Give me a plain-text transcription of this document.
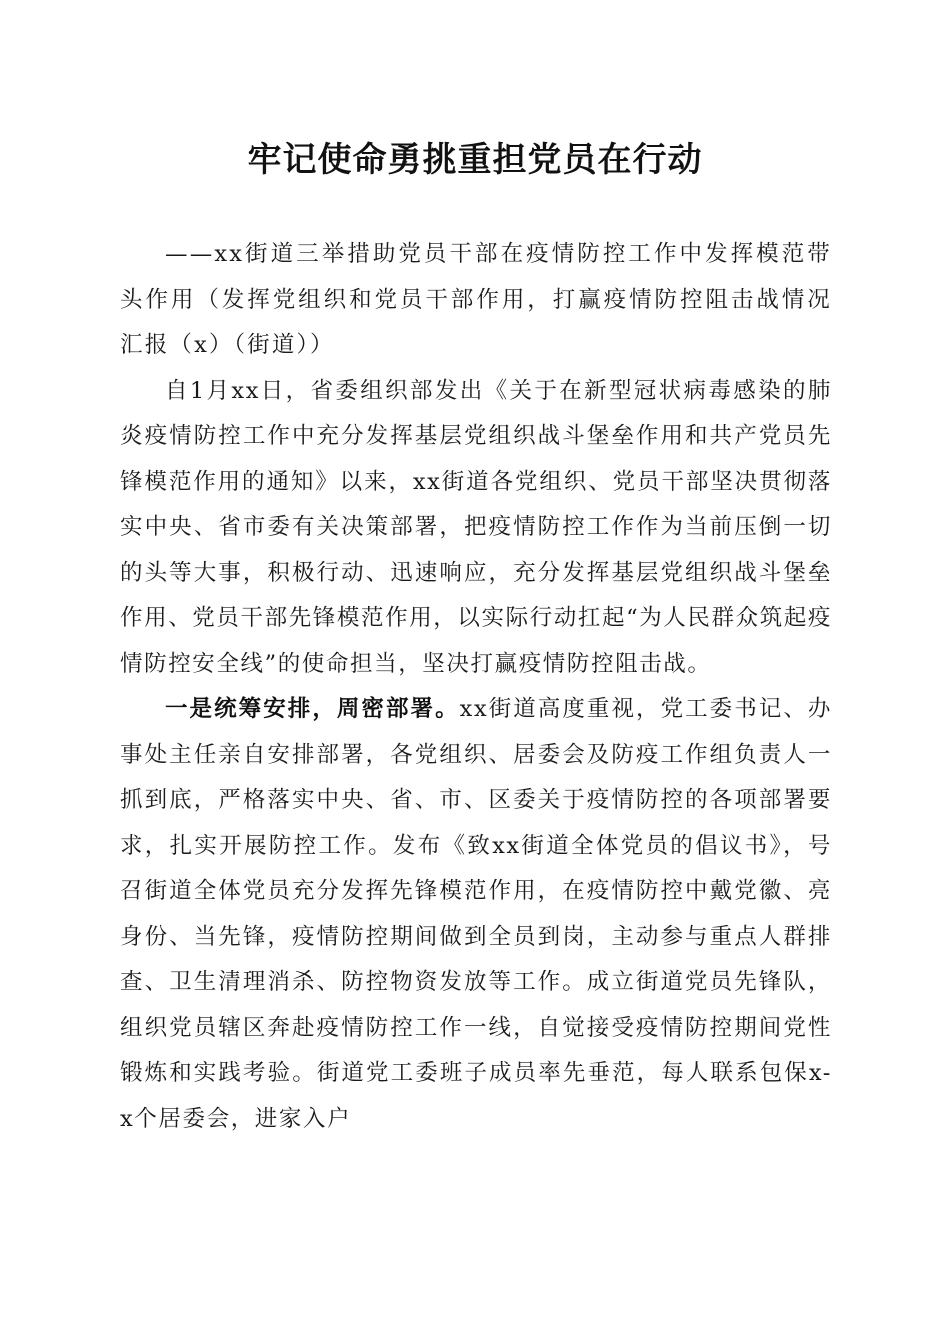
牢记使命勇挑重担党员在行动

——xx街道三举措助党员干部在疫情防控工作中发挥模范带头作用（发挥党组织和党员干部作用，打赢疫情防控阻击战情况汇报（x）（街道））

自1月xx日，省委组织部发出《关于在新型冠状病毒感染的肺炎疫情防控工作中充分发挥基层党组织战斗堡垒作用和共产党员先锋模范作用的通知》以来，xx街道各党组织、党员干部坚决贯彻落实中央、省市委有关决策部署，把疫情防控工作作为当前压倒一切的头等大事，积极行动、迅速响应，充分发挥基层党组织战斗堡垒作用、党员干部先锋模范作用，以实际行动扛起“为人民群众筑起疫情防控安全线”的使命担当，坚决打赢疫情防控阻击战。

一是统筹安排，周密部署。xx街道高度重视，党工委书记、办事处主任亲自安排部署，各党组织、居委会及防疫工作组负责人一抓到底，严格落实中央、省、市、区委关于疫情防控的各项部署要求，扎实开展防控工作。发布《致xx街道全体党员的倡议书》，号召街道全体党员充分发挥先锋模范作用，在疫情防控中戴党徽、亮身份、当先锋，疫情防控期间做到全员到岗，主动参与重点人群排查、卫生清理消杀、防控物资发放等工作。成立街道党员先锋队，组织党员辖区奔赴疫情防控工作一线，自觉接受疫情防控期间党性锻炼和实践考验。街道党工委班子成员率先垂范，每人联系包保x-x个居委会，进家入户
